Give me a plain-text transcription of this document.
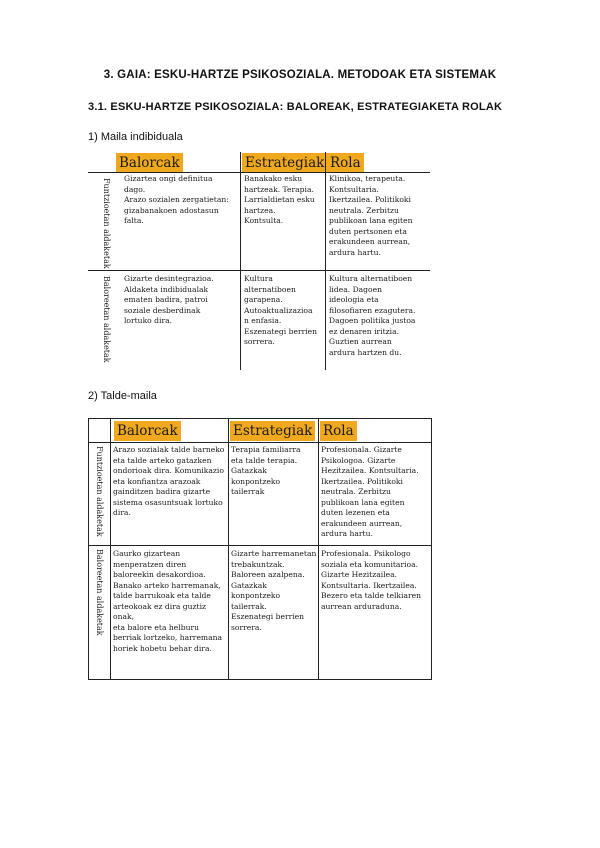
3. GAIA: ESKU-HARTZE PSIKOSOZIALA. METODOAK ETA SISTEMAK
3.1. ESKU-HARTZE PSIKOSOZIALA: BALOREAK, ESTRATEGIAKETA ROLAK
1) Maila indibiduala
Balorcak	Estrategiak Rola
Funtzioetan aldaketak
Baloreetan aldaketak
Gizartea ongi definitua
dago.
Arazo sozialen zergatietan:
gizabanakoen adostasun
falta.
Banakako esku
hartzeak. Terapia.
Larrialdietan esku
hartzea.
Kontsulta.
Klinikoa, terapeuta.
Kontsultaria.
Ikertzailea. Politikoki
neutrala. Zerbitzu
publikoan lana egiten
duten pertsonen eta
erakundeen aurrean,
ardura hartu.
Gizarte desintegrazioa.
Aldaketa indibidualak
ematen badira, patroi
soziale desberdinak
lortuko dira.
Kultura
alternatiboen
garapena.
Autoaktualizazioa
n enfasia.
Eszenategi berrien
sorrera.
Kultura alternatiboen
lidea. Dagoen
ideologia eta
filosofiaren ezagutera.
Dagoen politika justoa
ez denaren iritzia.
Guztien aurrean
ardura hartzen du.
2) Talde-maila
Balorcak	Estrategiak Rola
Funtzioetan aldaketak
Baloreetan aldaketak
Arazo sozialak talde barneko
eta talde arteko gatazken
ondorioak dira. Komunikazio
eta konfiantza arazoak
gainditzen badira gizarte
sistema osasuntsuak lortuko
dira.
Terapia familiarra
eta talde terapia.
Gatazkak
konpontzeko
tailerrak
Profesionala. Gizarte
Psikologoa. Gizarte
Hezitzailea. Kontsultaria.
Ikertzailea. Politikoki
neutrala. Zerbitzu
publikoan lana egiten
duten lezenen eta
erakundeen aurrean,
ardura hartu.
Gaurko gizartean
menperatzen diren
baloreekin desakordioa.
Banako arteko harremanak,
talde barrukoak eta talde
arteokoak ez dira guztiz onak,
eta balore eta helburu
berriak lortzeko, harremana
horiek hobetu behar dira.
Gizarte harremanetan
trebakuntzak.
Baloreen azalpena.
Gatazkak
konpontzeko
tailerrak.
Eszenategi berrien
sorrera.
Profesionala. Psikologo
soziala eta komunitarioa.
Gizarte Hezitzailea.
Kontsultaria. Ikertzailea.
Bezero eta talde telkiaren
aurrean arduraduna.
